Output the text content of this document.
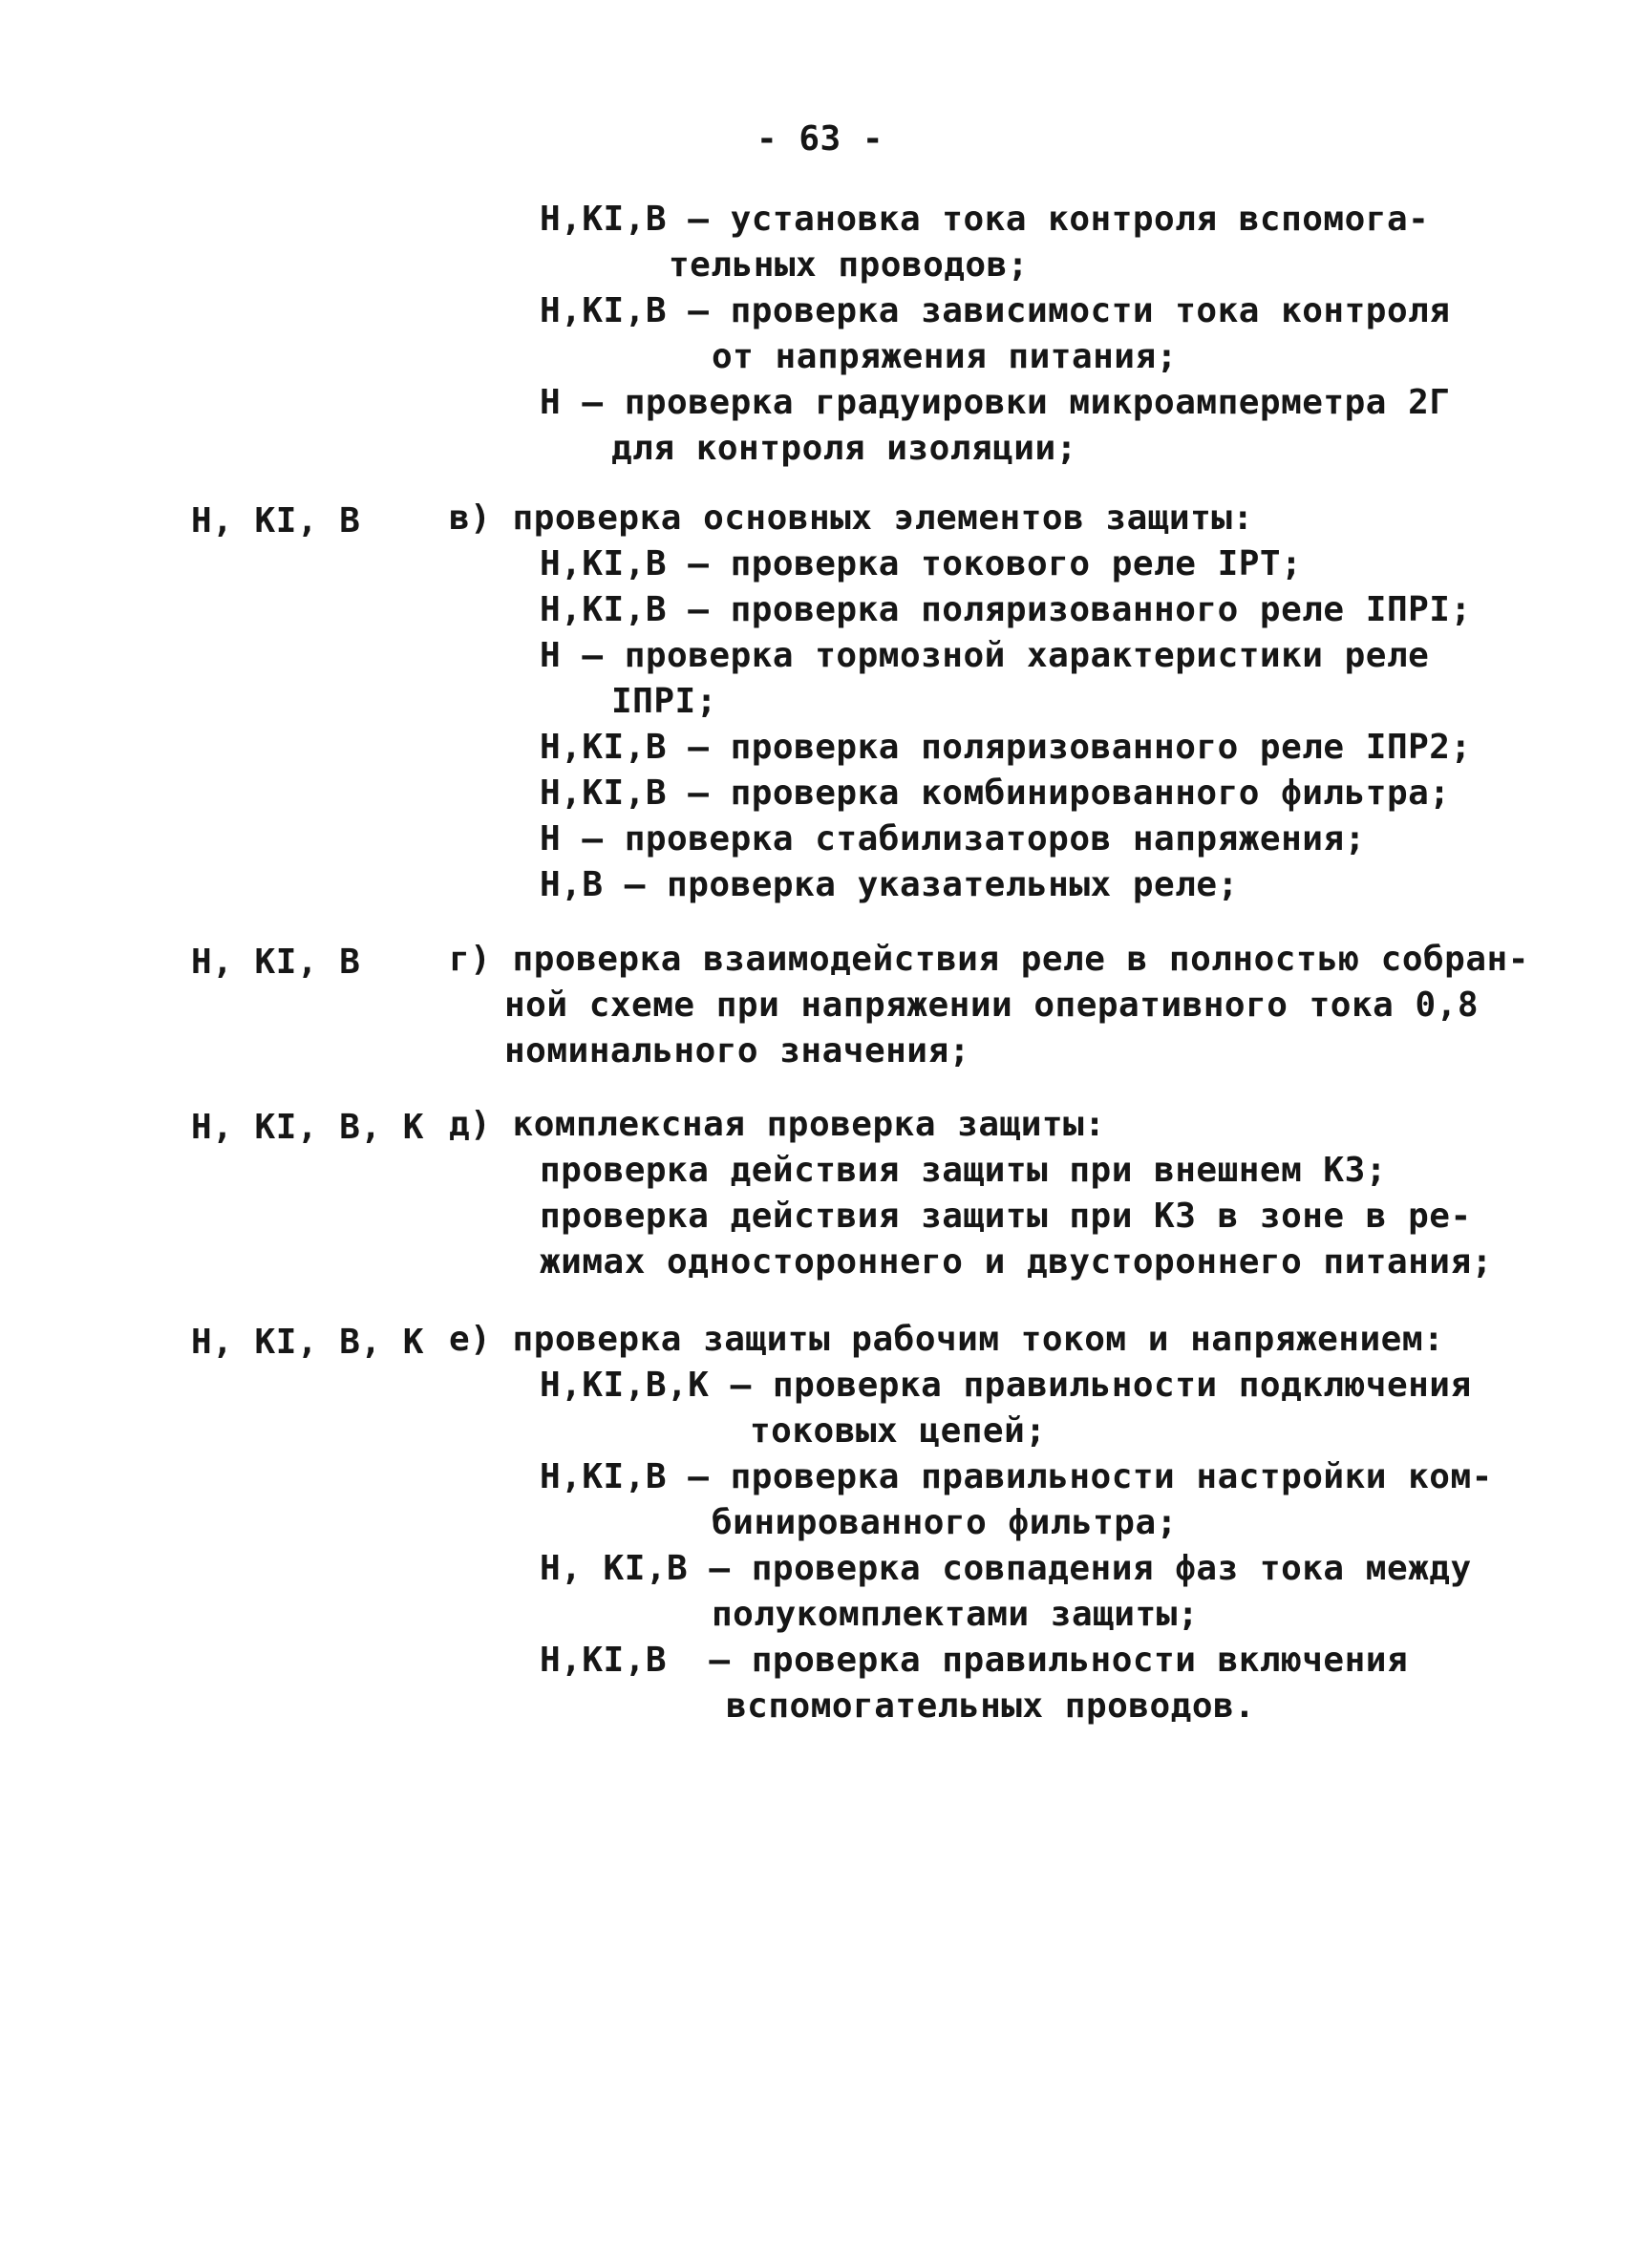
- 63 -
Н,КI,В – установка тока контроля вспомога-
тельных проводов;
Н,КI,В – проверка зависимости тока контроля
от напряжения питания;
Н – проверка градуировки микроамперметра 2Г
для контроля изоляции;
Н, КI, В	в) проверка основных элементов защиты:
Н,КI,В – проверка токового реле IРТ;
Н,КI,В – проверка поляризованного реле IПРI;
Н – проверка тормозной характеристики реле
IПРI;
Н,КI,В – проверка поляризованного реле IПР2;
Н,КI,В – проверка комбинированного фильтра;
Н – проверка стабилизаторов напряжения;
Н,В – проверка указательных реле;
Н, КI, В	г) проверка взаимодействия реле в полностью собран-
ной схеме при напряжении оперативного тока 0,8
номинального значения;
Н, КI, В, К д) комплексная проверка защиты:
проверка действия защиты при внешнем КЗ;
проверка действия защиты при КЗ в зоне в ре-
жимах одностороннего и двустороннего питания;
Н, КI, В, К е) проверка защиты рабочим током и напряжением:
Н,КI,В,К – проверка правильности подключения
токовых цепей;
Н,КI,В – проверка правильности настройки ком-
бинированного фильтра;
Н, КI,В – проверка совпадения фаз тока между
полукомплектами защиты;
Н,КI,В  – проверка правильности включения
вспомогательных проводов.
